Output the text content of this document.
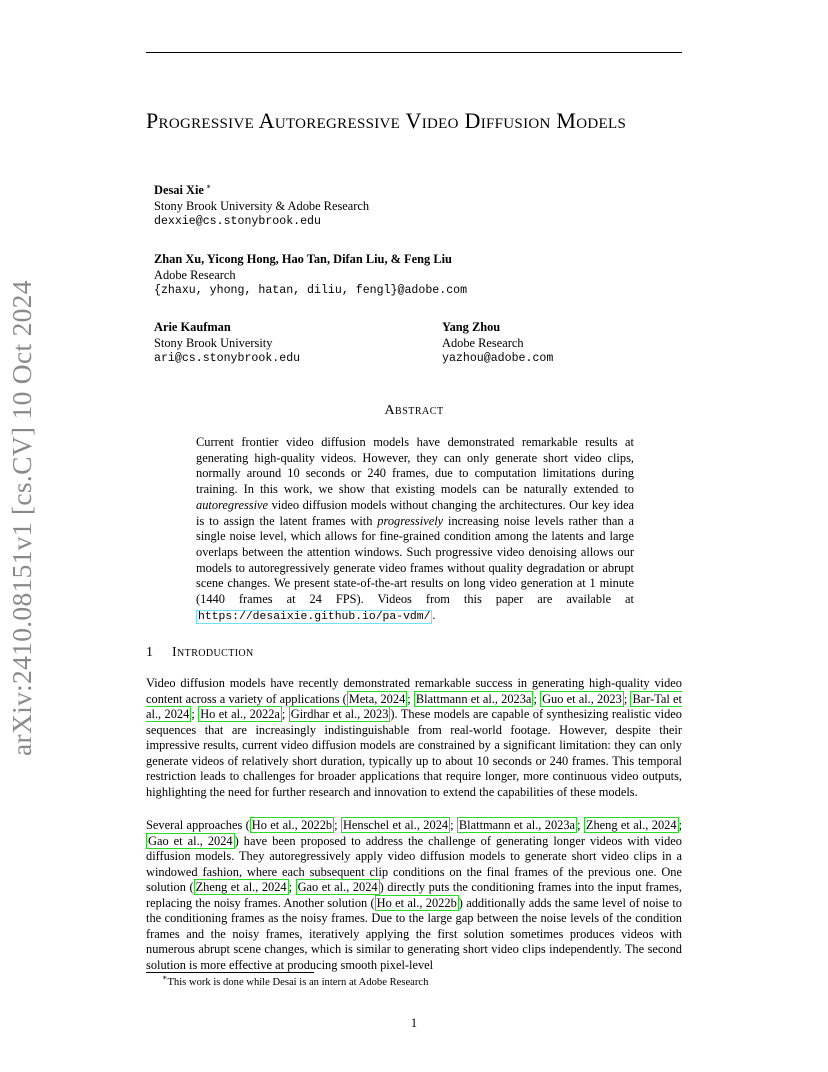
arXiv:2410.08151v1 [cs.CV] 10 Oct 2024
Progressive Autoregressive Video Diffusion Models
Desai Xie ∗
Stony Brook University & Adobe Research
dexxie@cs.stonybrook.edu
Zhan Xu, Yicong Hong, Hao Tan, Difan Liu, & Feng Liu
Adobe Research
{zhaxu, yhong, hatan, diliu, fengl}@adobe.com
Arie Kaufman
Stony Brook University
ari@cs.stonybrook.edu
Yang Zhou
Adobe Research
yazhou@adobe.com
Abstract
Current frontier video diffusion models have demonstrated remarkable results at generating high-quality videos. However, they can only generate short video clips, normally around 10 seconds or 240 frames, due to computation limitations during training. In this work, we show that existing models can be naturally extended to autoregressive video diffusion models without changing the architectures. Our key idea is to assign the latent frames with progressively increasing noise levels rather than a single noise level, which allows for fine-grained condition among the latents and large overlaps between the attention windows. Such progressive video denoising allows our models to autoregressively generate video frames without quality degradation or abrupt scene changes. We present state-of-the-art results on long video generation at 1 minute (1440 frames at 24 FPS). Videos from this paper are available at https://desaixie.github.io/pa-vdm/ .
1 Introduction
Video diffusion models have recently demonstrated remarkable success in generating high-quality video content across a variety of applications ( Meta, 2024 ; Blattmann et al., 2023a ; Guo et al., 2023 ; Bar-Tal et al., 2024 ; Ho et al., 2022a ; Girdhar et al., 2023 ). These models are capable of synthesizing realistic video sequences that are increasingly indistinguishable from real-world footage. However, despite their impressive results, current video diffusion models are constrained by a significant limitation: they can only generate videos of relatively short duration, typically up to about 10 seconds or 240 frames. This temporal restriction leads to challenges for broader applications that require longer, more continuous video outputs, highlighting the need for further research and innovation to extend the capabilities of these models.
Several approaches ( Ho et al., 2022b ; Henschel et al., 2024 ; Blattmann et al., 2023a ; Zheng et al., 2024 ; Gao et al., 2024 ) have been proposed to address the challenge of generating longer videos with video diffusion models. They autoregressively apply video diffusion models to generate short video clips in a windowed fashion, where each subsequent clip conditions on the final frames of the previous one. One solution ( Zheng et al., 2024 ; Gao et al., 2024 ) directly puts the conditioning frames into the input frames, replacing the noisy frames. Another solution ( Ho et al., 2022b ) additionally adds the same level of noise to the conditioning frames as the noisy frames. Due to the large gap between the noise levels of the condition frames and the noisy frames, iteratively applying the first solution sometimes produces videos with numerous abrupt scene changes, which is similar to generating short video clips independently. The second solution is more effective at producing smooth pixel-level
∗This work is done while Desai is an intern at Adobe Research
1
